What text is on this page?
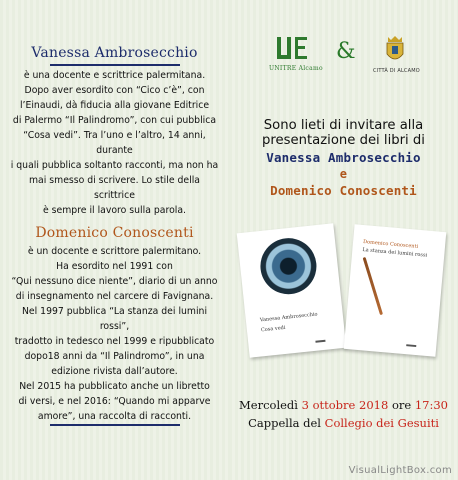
Vanessa Ambrosecchio
è una docente e scrittrice palermitana.
Dopo aver esordito con “Cico c’è”, con
l’Einaudi, dà fiducia alla giovane Editrice
di Palermo “Il Palindromo”, con cui pubblica
“Cosa vedi”. Tra l’uno e l’altro, 14 anni, durante
i quali pubblica soltanto racconti, ma non ha
mai smesso di scrivere. Lo stile della scrittrice
è sempre il lavoro sulla parola.
Domenico Conoscenti
è un docente e scrittore palermitano.
Ha esordito nel 1991 con
“Qui nessuno dice niente”, diario di un anno
di insegnamento nel carcere di Favignana.
Nel 1997 pubblica “La stanza dei lumini rossi”,
tradotto in tedesco nel 1999 e ripubblicato
dopo18 anni da “Il Palindromo”, in una
edizione rivista dall’autore.
Nel 2015 ha pubblicato anche un libretto
di versi, e nel 2016: “Quando mi apparve
amore”, una raccolta di racconti.
UNITRE Alcamo
&
CITTÀ DI ALCAMO
Sono lieti di invitare alla
presentazione dei libri di
Vanessa Ambrosecchio
e
Domenico Conoscenti
Vanessa Ambrosecchio
Cosa vedi
Domenico Conoscenti
La stanza dei lumini rossi
Mercoledì 3 ottobre 2018 ore 17:30
Cappella del Collegio dei Gesuiti
VisualLightBox.com
